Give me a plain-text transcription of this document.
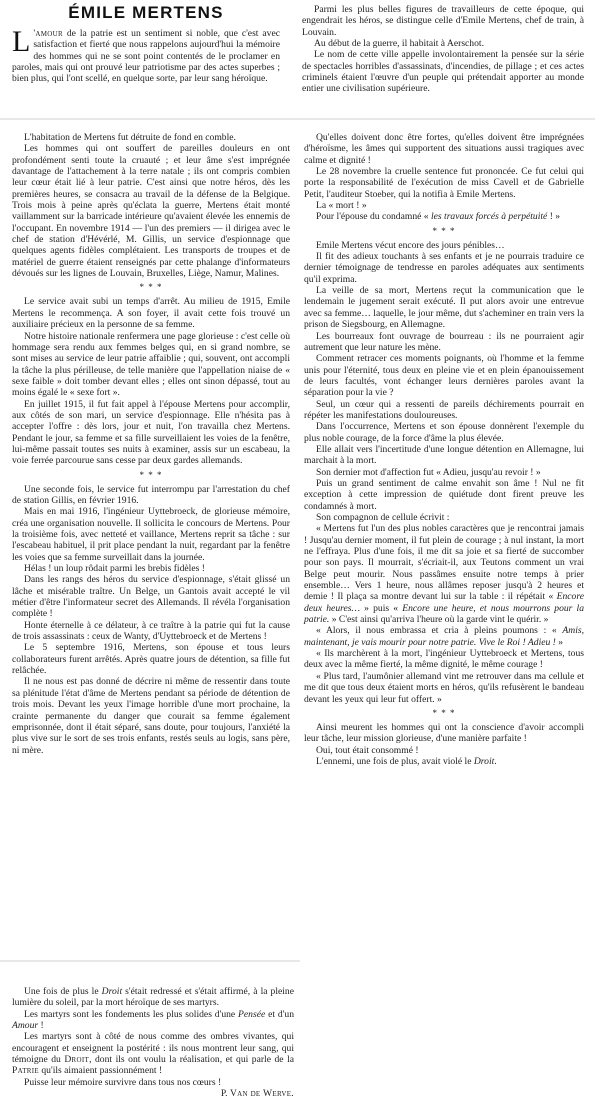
ÉMILE MERTENS

L 'amour de la patrie est un sentiment si noble, que c'est avec satisfaction et fierté que nous rappelons aujourd'hui la mémoire des hommes qui ne se sont point contentés de le proclamer en paroles, mais qui ont prouvé leur patriotisme par des actes superbes ; bien plus, qui l'ont scellé, en quelque sorte, par leur sang héroïque.

Parmi les plus belles figures de travailleurs de cette époque, qui engendrait les héros, se distingue celle d'Emile Mertens, chef de train, à Louvain.

Au début de la guerre, il habitait à Aerschot.

Le nom de cette ville appelle involontairement la pensée sur la série de spectacles horribles d'assassinats, d'incendies, de pillage ; et ces actes criminels étaient l'œuvre d'un peuple qui prétendait apporter au monde entier une civilisation supérieure.

L'habitation de Mertens fut détruite de fond en comble.

Les hommes qui ont souffert de pareilles douleurs en ont profondément senti toute la cruauté ; et leur âme s'est imprégnée davantage de l'attachement à la terre natale ; ils ont compris combien leur cœur était lié à leur patrie. C'est ainsi que notre héros, dès les premières heures, se consacra au travail de la défense de la Belgique. Trois mois à peine après qu'éclata la guerre, Mertens était monté vaillamment sur la barricade intérieure qu'avaient élevée les ennemis de l'occupant. En novembre 1914 — l'un des premiers — il dirigea avec le chef de station d'Hévérlé, M. Gillis, un service d'espionnage que quelques agents fidèles complétaient. Les transports de troupes et de matériel de guerre étaient renseignés par cette phalange d'informateurs dévoués sur les lignes de Louvain, Bruxelles, Liège, Namur, Malines.

* * *

Le service avait subi un temps d'arrêt. Au milieu de 1915, Emile Mertens le recommença. A son foyer, il avait cette fois trouvé un auxiliaire précieux en la personne de sa femme.

Notre histoire nationale renfermera une page glorieuse : c'est celle où hommage sera rendu aux femmes belges qui, en si grand nombre, se sont mises au service de leur patrie affaiblie ; qui, souvent, ont accompli la tâche la plus périlleuse, de telle manière que l'appellation niaise de « sexe faible » doit tomber devant elles ; elles ont sinon dépassé, tout au moins égalé le « sexe fort ».

En juillet 1915, il fut fait appel à l'épouse Mertens pour accomplir, aux côtés de son mari, un service d'espionnage. Elle n'hésita pas à accepter l'offre : dès lors, jour et nuit, l'on travailla chez Mertens. Pendant le jour, sa femme et sa fille surveillaient les voies de la fenêtre, lui-même passait toutes ses nuits à examiner, assis sur un escabeau, la voie ferrée parcourue sans cesse par deux gardes allemands.

* * *

Une seconde fois, le service fut interrompu par l'arrestation du chef de station Gillis, en février 1916.

Mais en mai 1916, l'ingénieur Uyttebroeck, de glorieuse mémoire, créa une organisation nouvelle. Il sollicita le concours de Mertens. Pour la troisième fois, avec netteté et vaillance, Mertens reprit sa tâche : sur l'escabeau habituel, il prit place pendant la nuit, regardant par la fenêtre les voies que sa femme surveillait dans la journée.

Hélas ! un loup rôdait parmi les brebis fidèles !

Dans les rangs des héros du service d'espionnage, s'était glissé un lâche et misérable traître. Un Belge, un Gantois avait accepté le vil métier d'être l'informateur secret des Allemands. Il révéla l'organisation complète !

Honte éternelle à ce délateur, à ce traître à la patrie qui fut la cause de trois assassinats : ceux de Wanty, d'Uyttebroeck et de Mertens !

Le 5 septembre 1916, Mertens, son épouse et tous leurs collaborateurs furent arrêtés. Après quatre jours de détention, sa fille fut relâchée.

Il ne nous est pas donné de décrire ni même de ressentir dans toute sa plénitude l'état d'âme de Mertens pendant sa période de détention de trois mois. Devant les yeux l'image horrible d'une mort prochaine, la crainte permanente du danger que courait sa femme également emprisonnée, dont il était séparé, sans doute, pour toujours, l'anxiété la plus vive sur le sort de ses trois enfants, restés seuls au logis, sans père, ni mère.

Qu'elles doivent donc être fortes, qu'elles doivent être imprégnées d'héroïsme, les âmes qui supportent des situations aussi tragiques avec calme et dignité !

Le 28 novembre la cruelle sentence fut prononcée. Ce fut celui qui porte la responsabilité de l'exécution de miss Cavell et de Gabrielle Petit, l'auditeur Stoeber, qui la notifia à Emile Mertens.

La « mort ! »

Pour l'épouse du condamné « les travaux forcés à perpétuité ! »

* * *

Emile Mertens vécut encore des jours pénibles…

Il fit des adieux touchants à ses enfants et je ne pourrais traduire ce dernier témoignage de tendresse en paroles adéquates aux sentiments qu'il exprima.

La veille de sa mort, Mertens reçut la communication que le lendemain le jugement serait exécuté. Il put alors avoir une entrevue avec sa femme… laquelle, le jour même, dut s'acheminer en train vers la prison de Siegsbourg, en Allemagne.

Les bourreaux font ouvrage de bourreau : ils ne pourraient agir autrement que leur nature les mène.

Comment retracer ces moments poignants, où l'homme et la femme unis pour l'éternité, tous deux en pleine vie et en plein épanouissement de leurs facultés, vont échanger leurs dernières paroles avant la séparation pour la vie ?

Seul, un cœur qui a ressenti de pareils déchirements pourrait en répéter les manifestations douloureuses.

Dans l'occurrence, Mertens et son épouse donnèrent l'exemple du plus noble courage, de la force d'âme la plus élevée.

Elle allait vers l'incertitude d'une longue détention en Allemagne, lui marchait à la mort.

Son dernier mot d'affection fut « Adieu, jusqu'au revoir ! »

Puis un grand sentiment de calme envahit son âme ! Nul ne fit exception à cette impression de quiétude dont firent preuve les condamnés à mort.

Son compagnon de cellule écrivit :

« Mertens fut l'un des plus nobles caractères que je rencontrai jamais ! Jusqu'au dernier moment, il fut plein de courage ; à nul instant, la mort ne l'effraya. Plus d'une fois, il me dit sa joie et sa fierté de succomber pour son pays. Il mourrait, s'écriait-il, aux Teutons comment un vrai Belge peut mourir. Nous passâmes ensuite notre temps à prier ensemble… Vers 1 heure, nous allâmes reposer jusqu'à 2 heures et demie ! Il plaça sa montre devant lui sur la table : il répétait « Encore deux heures… » puis « Encore une heure, et nous mourrons pour la patrie. » C'est ainsi qu'arriva l'heure où la garde vint le quérir. »

« Alors, il nous embrassa et cria à pleins poumons : « Amis, maintenant, je vais mourir pour notre patrie. Vive le Roi ! Adieu ! »

« Ils marchèrent à la mort, l'ingénieur Uyttebroeck et Mertens, tous deux avec la même fierté, la même dignité, le même courage !

« Plus tard, l'aumônier allemand vint me retrouver dans ma cellule et me dit que tous deux étaient morts en héros, qu'ils refusèrent le bandeau devant les yeux qui leur fut offert. »

* * *

Ainsi meurent les hommes qui ont la conscience d'avoir accompli leur tâche, leur mission glorieuse, d'une manière parfaite !

Oui, tout était consommé !

L'ennemi, une fois de plus, avait violé le Droit.

Une fois de plus le Droit s'était redressé et s'était affirmé, à la pleine lumière du soleil, par la mort héroïque de ses martyrs.

Les martyrs sont les fondements les plus solides d'une Pensée et d'un Amour !

Les martyrs sont à côté de nous comme des ombres vivantes, qui encouragent et enseignent la postérité : ils nous montrent leur sang, qui témoigne du Droit, dont ils ont voulu la réalisation, et qui parle de la Patrie qu'ils aimaient passionnément !

Puisse leur mémoire survivre dans tous nos cœurs !

P. Van de Werve.
